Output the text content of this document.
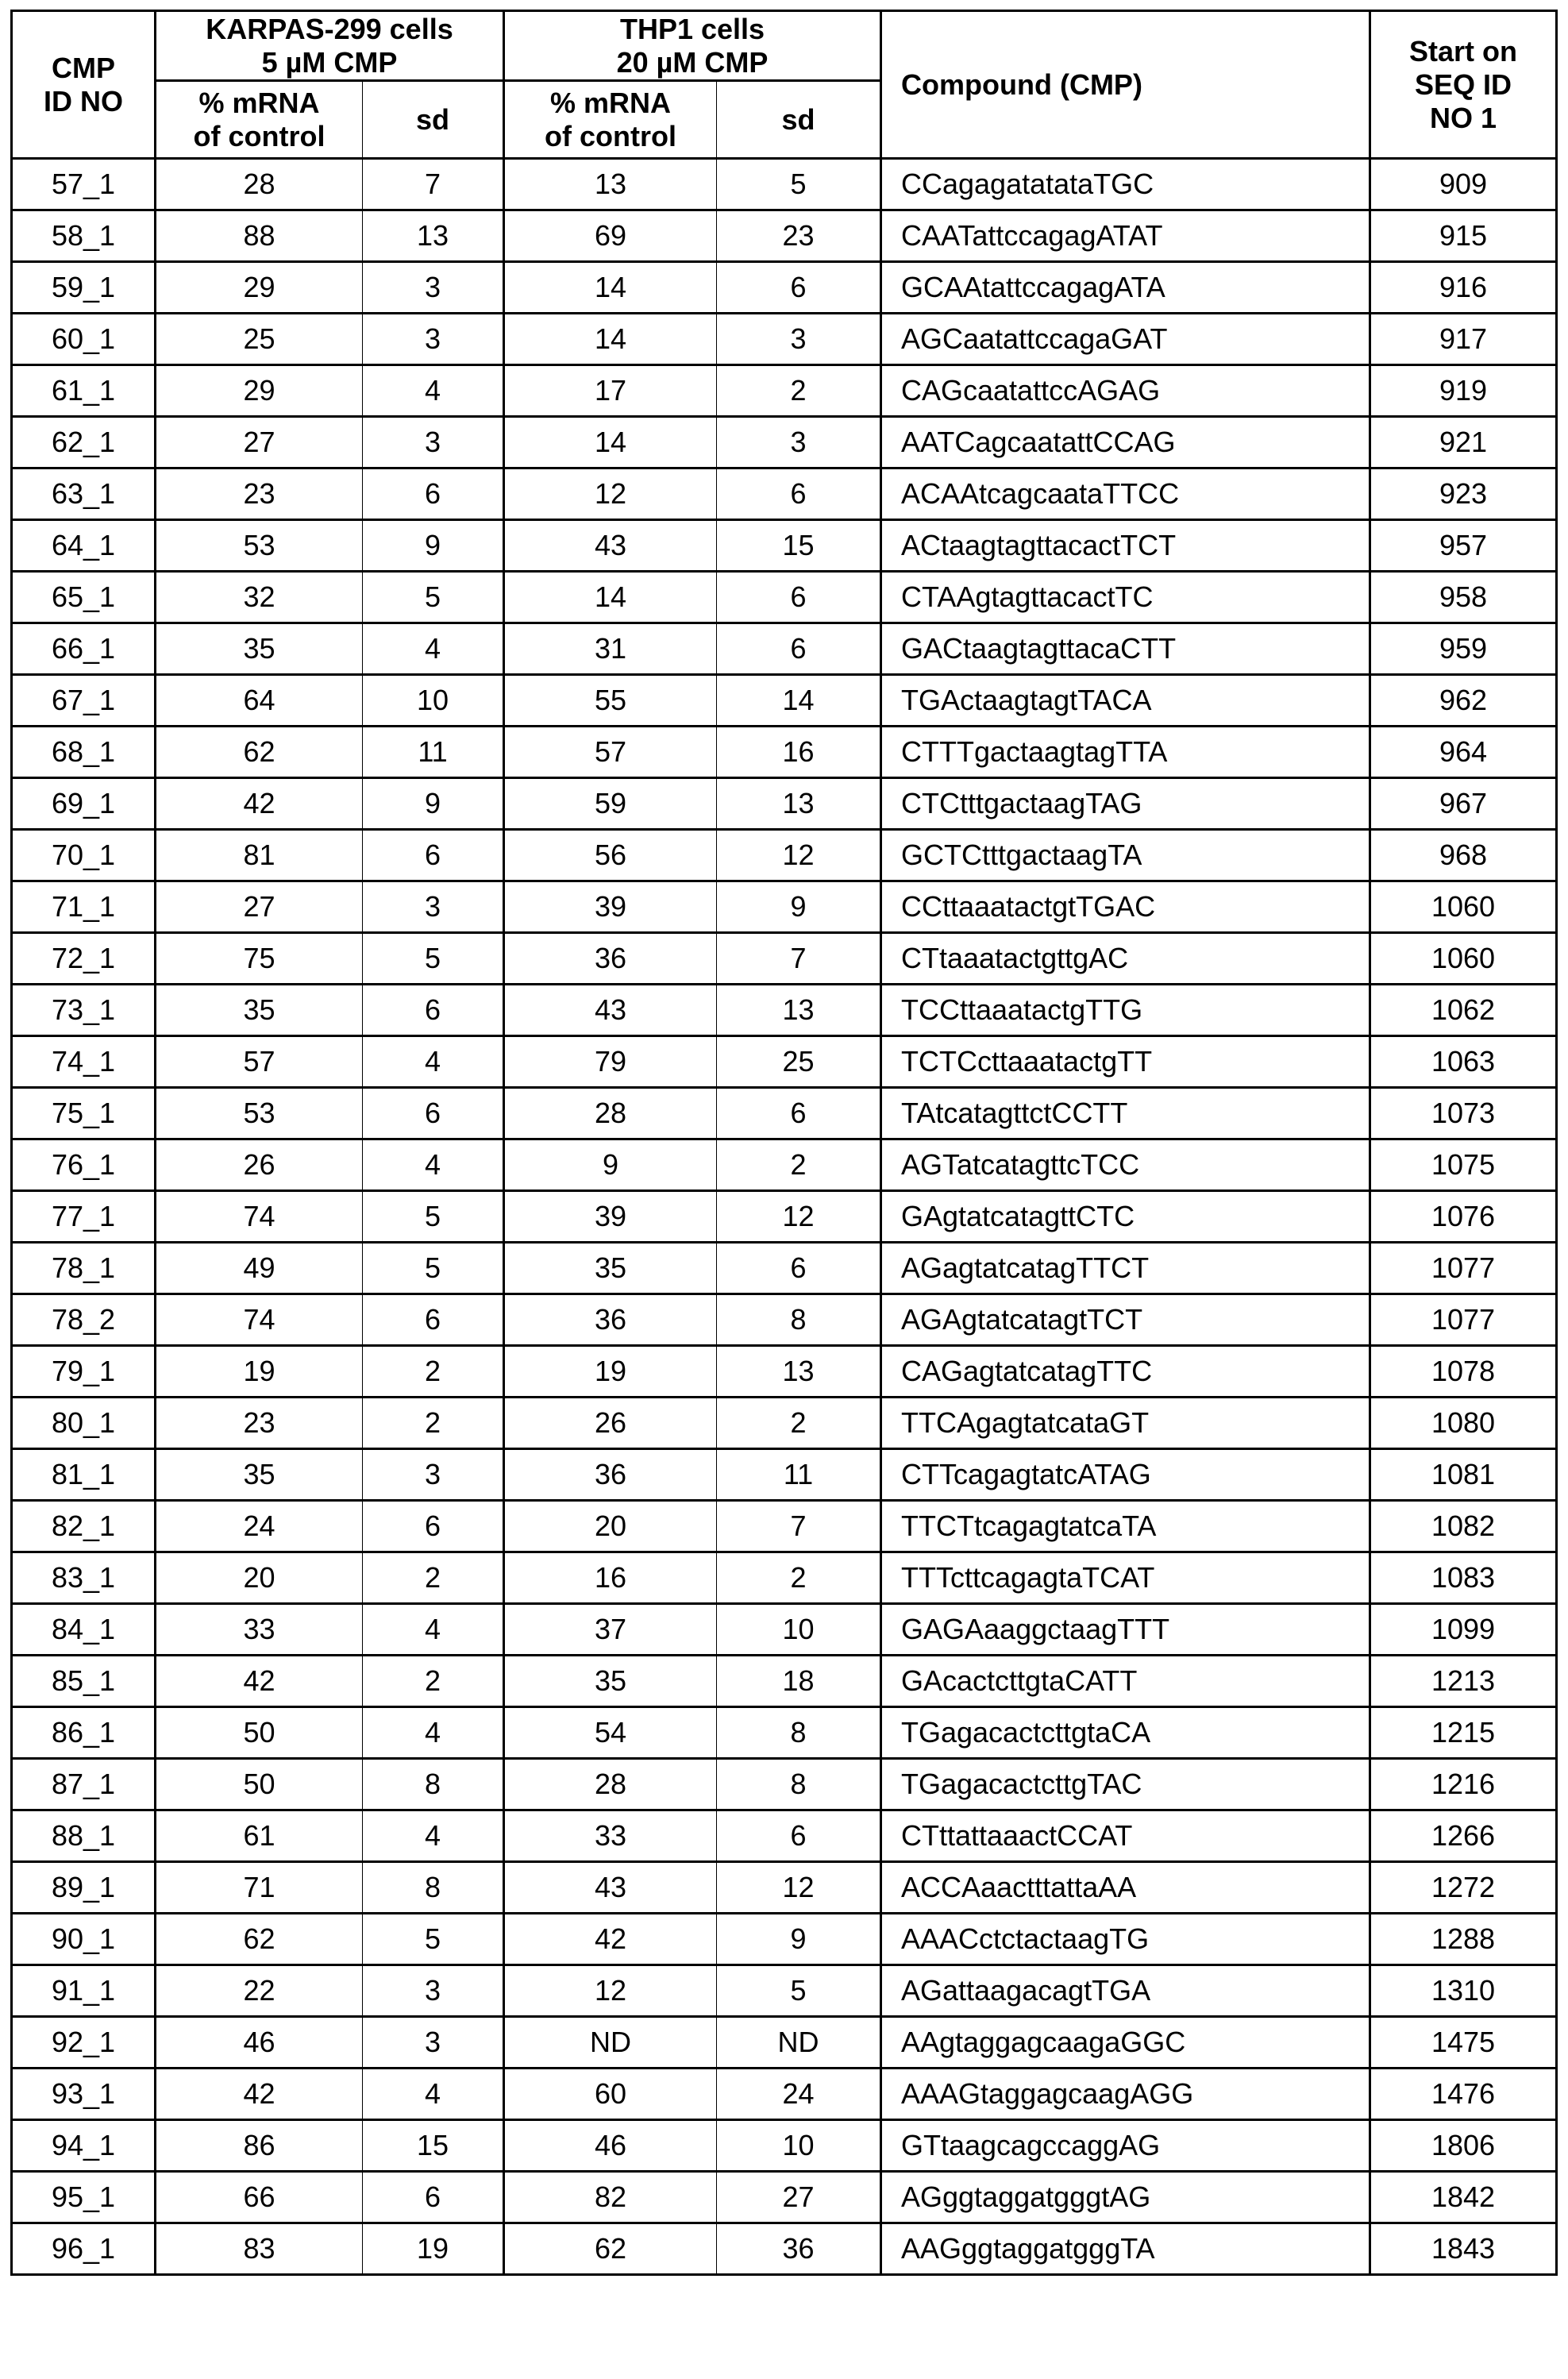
CMP
ID NO

KARPAS-299 cells
5 µM CMP

THP1 cells
20 µM CMP
	Compound (CMP)	
Start on
SEQ ID
NO 1

% mRNA
of control
	sd	
% mRNA
of control
	sd
57_1	28	7	13	5	CCagagatatataTGC	909
58_1	88	13	69	23	CAATattccagagATAT	915
59_1	29	3	14	6	GCAAtattccagagATA	916
60_1	25	3	14	3	AGCaatattccagaGAT	917
61_1	29	4	17	2	CAGcaatattccAGAG	919
62_1	27	3	14	3	AATCagcaatattCCAG	921
63_1	23	6	12	6	ACAAtcagcaataTTCC	923
64_1	53	9	43	15	ACtaagtagttacactTCT	957
65_1	32	5	14	6	CTAAgtagttacactTC	958
66_1	35	4	31	6	GACtaagtagttacaCTT	959
67_1	64	10	55	14	TGActaagtagtTACA	962
68_1	62	11	57	16	CTTTgactaagtagTTA	964
69_1	42	9	59	13	CTCtttgactaagTAG	967
70_1	81	6	56	12	GCTCtttgactaagTA	968
71_1	27	3	39	9	CCttaaatactgtTGAC	1060
72_1	75	5	36	7	CTtaaatactgttgAC	1060
73_1	35	6	43	13	TCCttaaatactgTTG	1062
74_1	57	4	79	25	TCTCcttaaatactgTT	1063
75_1	53	6	28	6	TAtcatagttctCCTT	1073
76_1	26	4	9	2	AGTatcatagttcTCC	1075
77_1	74	5	39	12	GAgtatcatagttCTC	1076
78_1	49	5	35	6	AGagtatcatagTTCT	1077
78_2	74	6	36	8	AGAgtatcatagtTCT	1077
79_1	19	2	19	13	CAGagtatcatagTTC	1078
80_1	23	2	26	2	TTCAgagtatcataGT	1080
81_1	35	3	36	11	CTTcagagtatcATAG	1081
82_1	24	6	20	7	TTCTtcagagtatcaTA	1082
83_1	20	2	16	2	TTTcttcagagtaTCAT	1083
84_1	33	4	37	10	GAGAaaggctaagTTT	1099
85_1	42	2	35	18	GAcactcttgtaCATT	1213
86_1	50	4	54	8	TGagacactcttgtaCA	1215
87_1	50	8	28	8	TGagacactcttgTAC	1216
88_1	61	4	33	6	CTttattaaactCCAT	1266
89_1	71	8	43	12	ACCAaactttattaAA	1272
90_1	62	5	42	9	AAACctctactaagTG	1288
91_1	22	3	12	5	AGattaagacagtTGA	1310
92_1	46	3	ND	ND	AAgtaggagcaagaGGC	1475
93_1	42	4	60	24	AAAGtaggagcaagAGG	1476
94_1	86	15	46	10	GTtaagcagccaggAG	1806
95_1	66	6	82	27	AGggtaggatgggtAG	1842
96_1	83	19	62	36	AAGggtaggatgggTA	1843
